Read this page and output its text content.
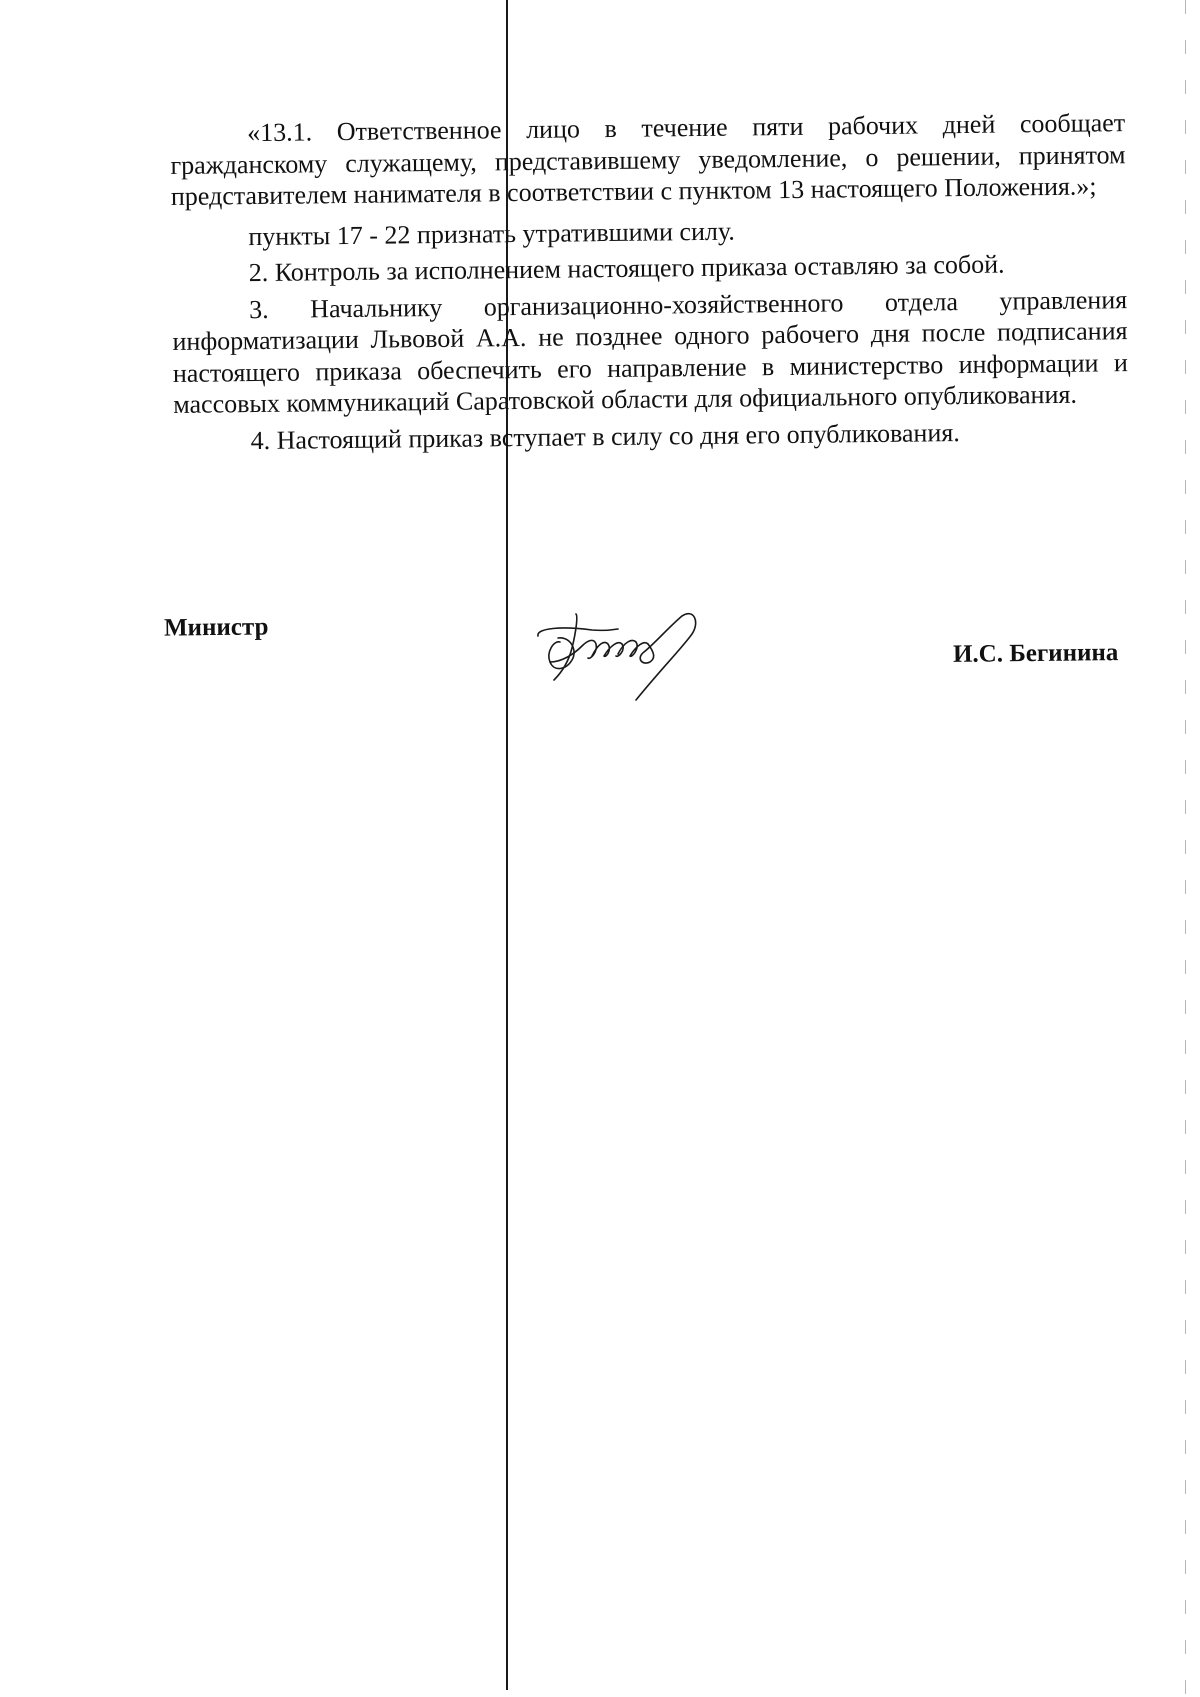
«13.1. Ответственное лицо в течение пяти рабочих дней сообщает гражданскому служащему, представившему уведомление, о решении, принятом представителем нанимателя в соответствии с пунктом 13 настоящего Положения.»;

пункты 17 - 22 признать утратившими силу.

2. Контроль за исполнением настоящего приказа оставляю за собой.

3. Начальнику организационно-хозяйственного отдела управления информатизации Львовой А.А. не позднее одного рабочего дня после подписания настоящего приказа обеспечить его направление в министерство информации и массовых коммуникаций Саратовской области для официального опубликования.

4. Настоящий приказ вступает в силу со дня его опубликования.

Министр
И.С. Бегинина
